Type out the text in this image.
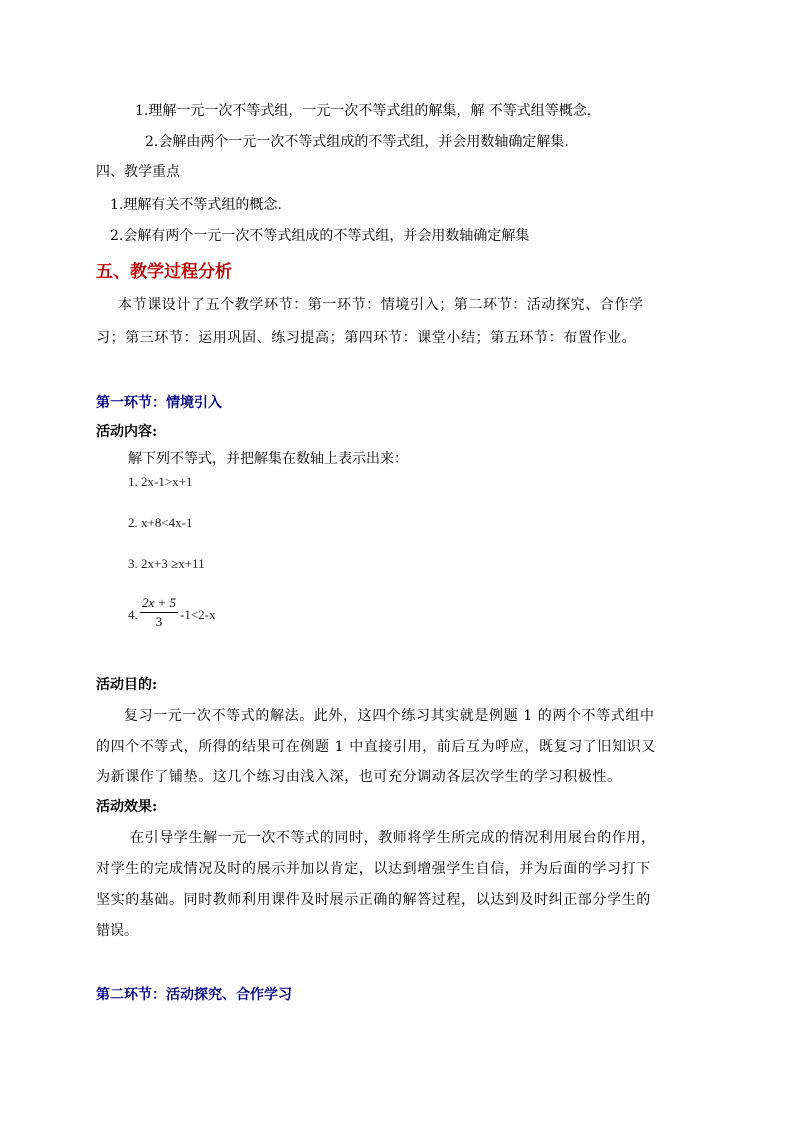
1.理解一元一次不等式组，一元一次不等式组的解集，解 不等式组等概念.
2.会解由两个一元一次不等式组成的不等式组，并会用数轴确定解集.
四、教学重点
1.理解有关不等式组的概念.
2.会解有两个一元一次不等式组成的不等式组，并会用数轴确定解集
五、教学过程分析
本节课设计了五个教学环节：第一环节：情境引入；第二环节：活动探究、合作学
习；第三环节：运用巩固、练习提高；第四环节：课堂小结；第五环节：布置作业。
第一环节：情境引入
活动内容:
解下列不等式，并把解集在数轴上表示出来：
1. 2x-1>x+1
2. x+8<4x-1
3. 2x+3 ≥x+11
4. $\frac{2x + 5}{3} -1<2-x$
活动目的:
复习一元一次不等式的解法。此外，这四个练习其实就是例题 1 的两个不等式组中
的四个不等式，所得的结果可在例题 1 中直接引用，前后互为呼应，既复习了旧知识又
为新课作了铺垫。这几个练习由浅入深，也可充分调动各层次学生的学习积极性。
活动效果:
在引导学生解一元一次不等式的同时，教师将学生所完成的情况利用展台的作用，
对学生的完成情况及时的展示并加以肯定，以达到增强学生自信，并为后面的学习打下
坚实的基础。同时教师利用课件及时展示正确的解答过程，以达到及时纠正部分学生的
错误。
第二环节：活动探究、合作学习
